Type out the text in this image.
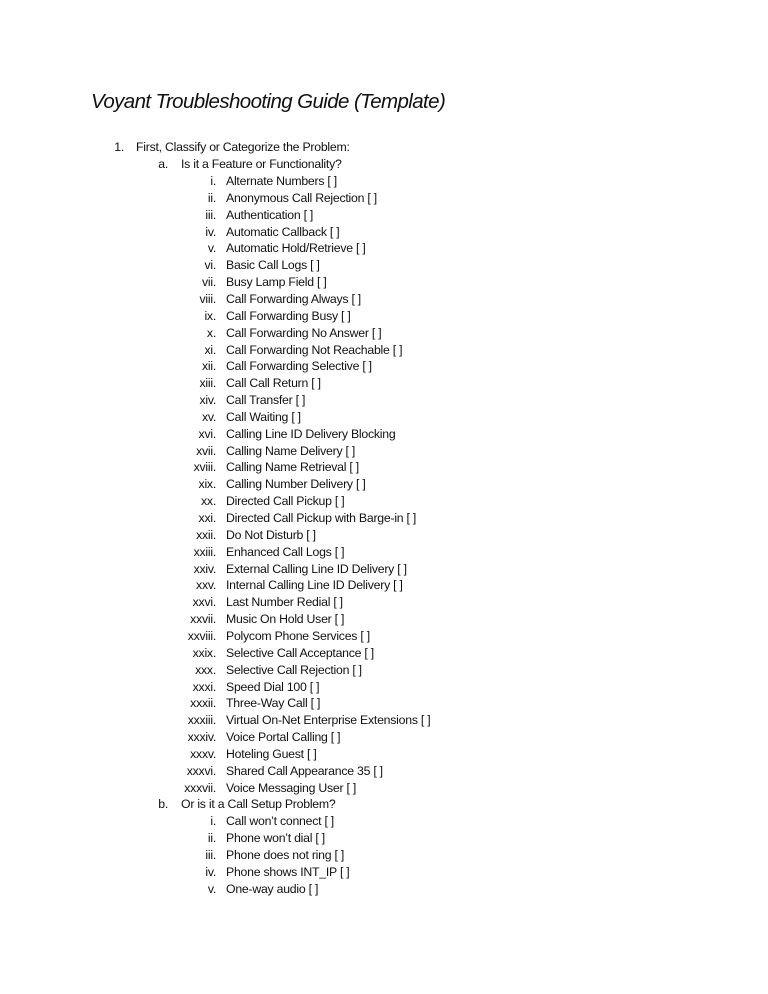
Voyant Troubleshooting Guide (Template)
1. First, Classify or Categorize the Problem:
a. Is it a Feature or Functionality?
i. Alternate Numbers [ ]
ii. Anonymous Call Rejection [ ]
iii. Authentication [ ]
iv. Automatic Callback [ ]
v. Automatic Hold/Retrieve [ ]
vi. Basic Call Logs [ ]
vii. Busy Lamp Field [ ]
viii. Call Forwarding Always [ ]
ix. Call Forwarding Busy [ ]
x. Call Forwarding No Answer [ ]
xi. Call Forwarding Not Reachable [ ]
xii. Call Forwarding Selective [ ]
xiii. Call Call Return [ ]
xiv. Call Transfer [ ]
xv. Call Waiting [ ]
xvi. Calling Line ID Delivery Blocking
xvii. Calling Name Delivery [ ]
xviii. Calling Name Retrieval [ ]
xix. Calling Number Delivery [ ]
xx. Directed Call Pickup [ ]
xxi. Directed Call Pickup with Barge-in [ ]
xxii. Do Not Disturb [ ]
xxiii. Enhanced Call Logs [ ]
xxiv. External Calling Line ID Delivery [ ]
xxv. Internal Calling Line ID Delivery [ ]
xxvi. Last Number Redial [ ]
xxvii. Music On Hold User [ ]
xxviii. Polycom Phone Services [ ]
xxix. Selective Call Acceptance [ ]
xxx. Selective Call Rejection [ ]
xxxi. Speed Dial 100 [ ]
xxxii. Three-Way Call [ ]
xxxiii. Virtual On-Net Enterprise Extensions [ ]
xxxiv. Voice Portal Calling [ ]
xxxv. Hoteling Guest [ ]
xxxvi. Shared Call Appearance 35 [ ]
xxxvii. Voice Messaging User [ ]
b. Or is it a Call Setup Problem?
i. Call won’t connect [ ]
ii. Phone won’t dial [ ]
iii. Phone does not ring [ ]
iv. Phone shows INT_IP [ ]
v. One-way audio [ ]
